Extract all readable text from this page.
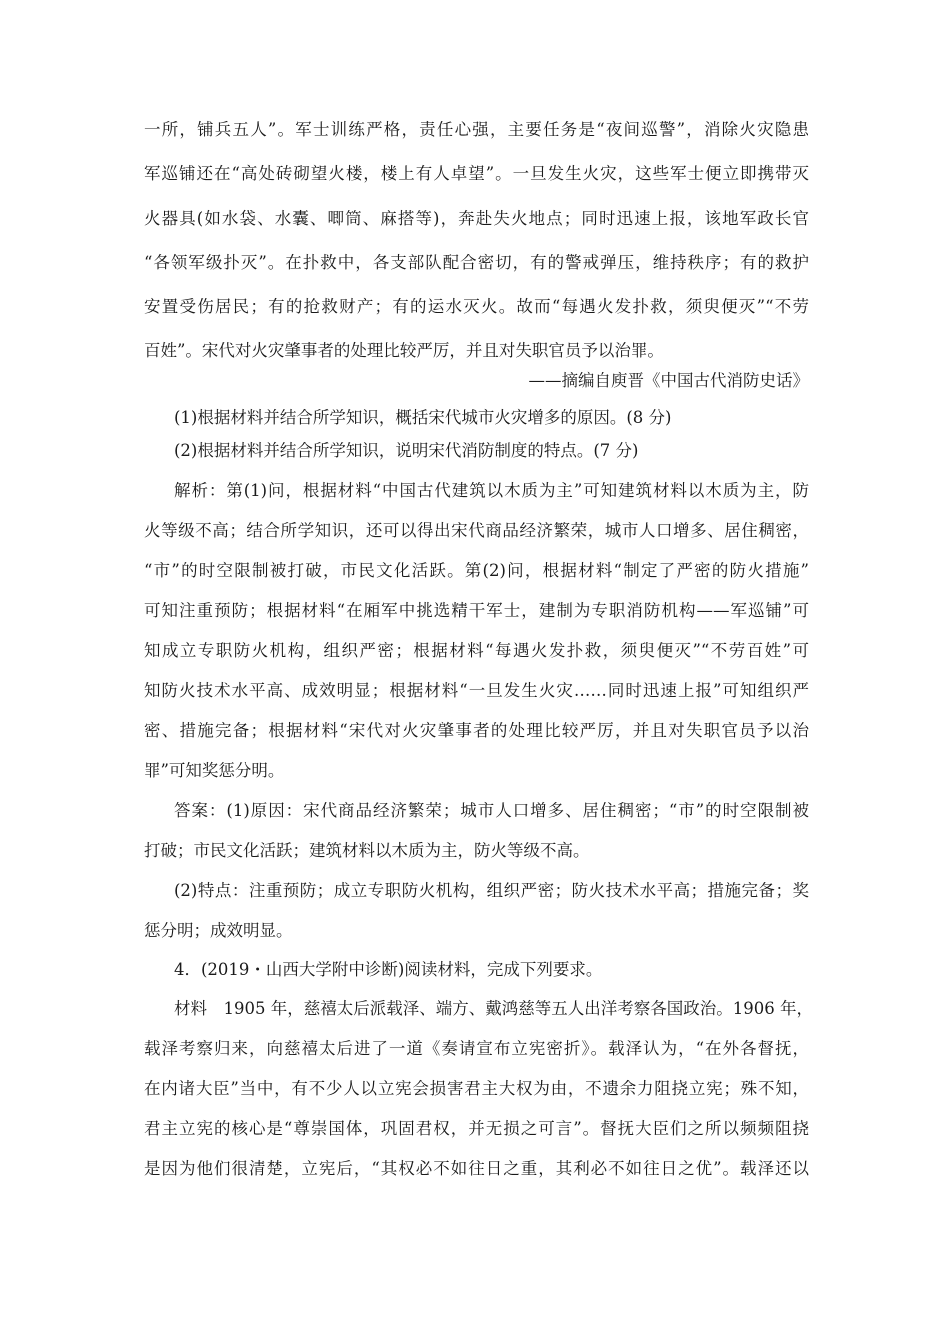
一所，铺兵五人”。军士训练严格，责任心强，主要任务是“夜间巡警”，消除火灾隐患
军巡铺还在“高处砖砌望火楼，楼上有人卓望”。一旦发生火灾，这些军士便立即携带灭
火器具(如水袋、水囊、唧筒、麻搭等)，奔赴失火地点；同时迅速上报，该地军政长官
“各领军级扑灭”。在扑救中，各支部队配合密切，有的警戒弹压，维持秩序；有的救护
安置受伤居民；有的抢救财产；有的运水灭火。故而“每遇火发扑救，须臾便灭”“不劳
百姓”。宋代对火灾肇事者的处理比较严厉，并且对失职官员予以治罪。
——摘编自庾晋《中国古代消防史话》
(1)根据材料并结合所学知识，概括宋代城市火灾增多的原因。(8 分)
(2)根据材料并结合所学知识，说明宋代消防制度的特点。(7 分)
解析：第(1)问，根据材料“中国古代建筑以木质为主”可知建筑材料以木质为主，防
火等级不高；结合所学知识，还可以得出宋代商品经济繁荣，城市人口增多、居住稠密，
“市”的时空限制被打破，市民文化活跃。第(2)问，根据材料“制定了严密的防火措施”
可知注重预防；根据材料“在厢军中挑选精干军士，建制为专职消防机构——军巡铺”可
知成立专职防火机构，组织严密；根据材料“每遇火发扑救，须臾便灭”“不劳百姓”可
知防火技术水平高、成效明显；根据材料“一旦发生火灾……同时迅速上报”可知组织严
密、措施完备；根据材料“宋代对火灾肇事者的处理比较严厉，并且对失职官员予以治
罪”可知奖惩分明。
答案：(1)原因：宋代商品经济繁荣；城市人口增多、居住稠密；“市”的时空限制被
打破；市民文化活跃；建筑材料以木质为主，防火等级不高。
(2)特点：注重预防；成立专职防火机构，组织严密；防火技术水平高；措施完备；奖
惩分明；成效明显。
4．(2019・山西大学附中诊断)阅读材料，完成下列要求。
材料　1905 年，慈禧太后派载泽、端方、戴鸿慈等五人出洋考察各国政治。1906 年，
载泽考察归来，向慈禧太后进了一道《奏请宣布立宪密折》。载泽认为，“在外各督抚，
在内诸大臣”当中，有不少人以立宪会损害君主大权为由，不遗余力阻挠立宪；殊不知，
君主立宪的核心是“尊崇国体，巩固君权，并无损之可言”。督抚大臣们之所以频频阻挠
是因为他们很清楚，立宪后，“其权必不如往日之重，其利必不如往日之优”。载泽还以
